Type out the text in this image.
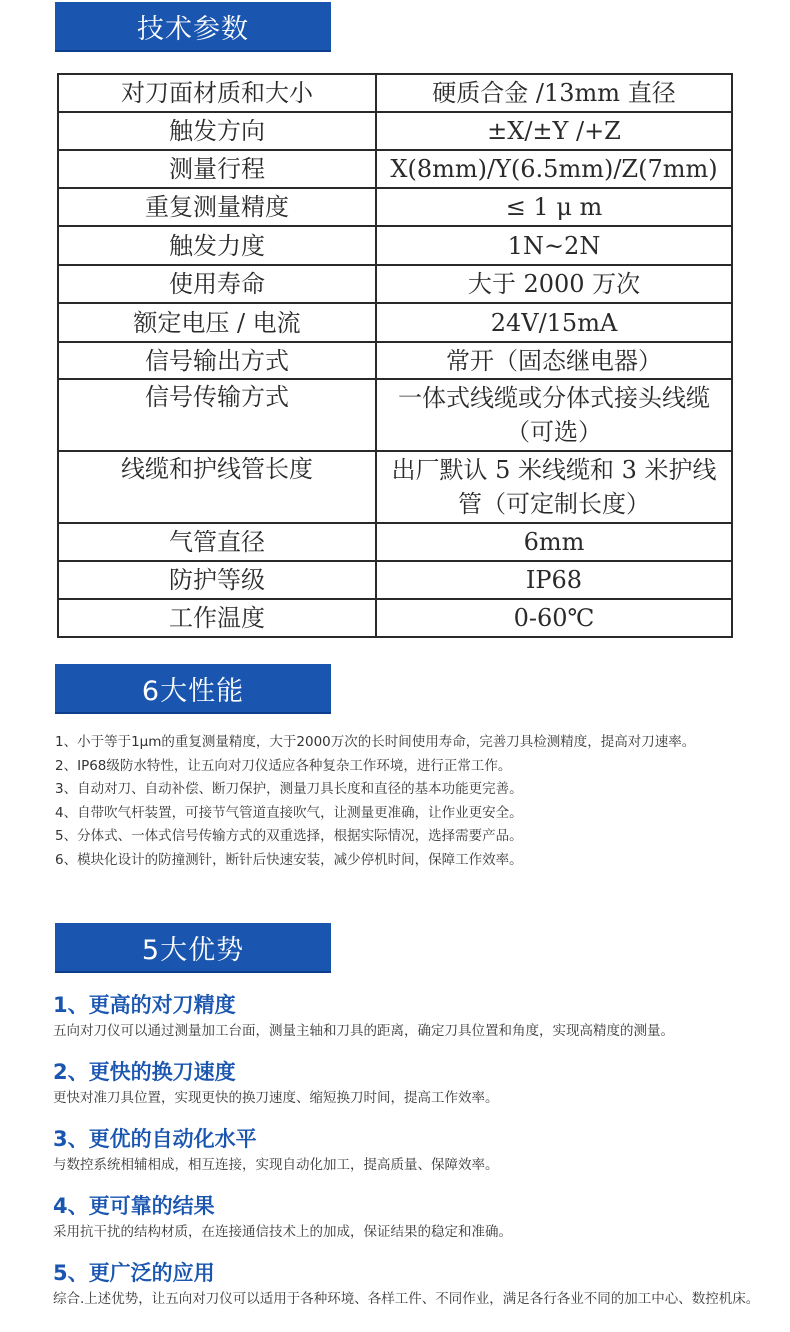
技术参数
对刀面材质和大小	硬质合金 /13mm 直径
触发方向	±X/±Y /+Z
测量行程	X(8mm)/Y(6.5mm)/Z(7mm)
重复测量精度	≤ 1 μ m
触发力度	1N~2N
使用寿命	大于 2000 万次
额定电压 / 电流	24V/15mA
信号输出方式	常开（固态继电器）
信号传输方式	一体式线缆或分体式接头线缆（可选）
线缆和护线管长度	出厂默认 5 米线缆和 3 米护线管（可定制长度）
气管直径	6mm
防护等级	IP68
工作温度	0-60℃
6大性能

1、小于等于1μm的重复测量精度，大于2000万次的长时间使用寿命，完善刀具检测精度，提高对刀速率。

2、IP68级防水特性，让五向对刀仪适应各种复杂工作环境，进行正常工作。

3、自动对刀、自动补偿、断刀保护，测量刀具长度和直径的基本功能更完善。

4、自带吹气杆装置，可接节气管道直接吹气，让测量更准确，让作业更安全。

5、分体式、一体式信号传输方式的双重选择，根据实际情况，选择需要产品。

6、模块化设计的防撞测针，断针后快速安装，减少停机时间，保障工作效率。

5大优势
1、更高的对刀精度

五向对刀仪可以通过测量加工台面，测量主轴和刀具的距离，确定刀具位置和角度，实现高精度的测量。

2、更快的换刀速度

更快对准刀具位置，实现更快的换刀速度、缩短换刀时间，提高工作效率。

3、更优的自动化水平

与数控系统相辅相成，相互连接，实现自动化加工，提高质量、保障效率。

4、更可靠的结果

采用抗干扰的结构材质，在连接通信技术上的加成，保证结果的稳定和准确。

5、更广泛的应用

综合.上述优势，让五向对刀仪可以适用于各种环境、各样工件、不同作业，满足各行各业不同的加工中心、数控机床。
